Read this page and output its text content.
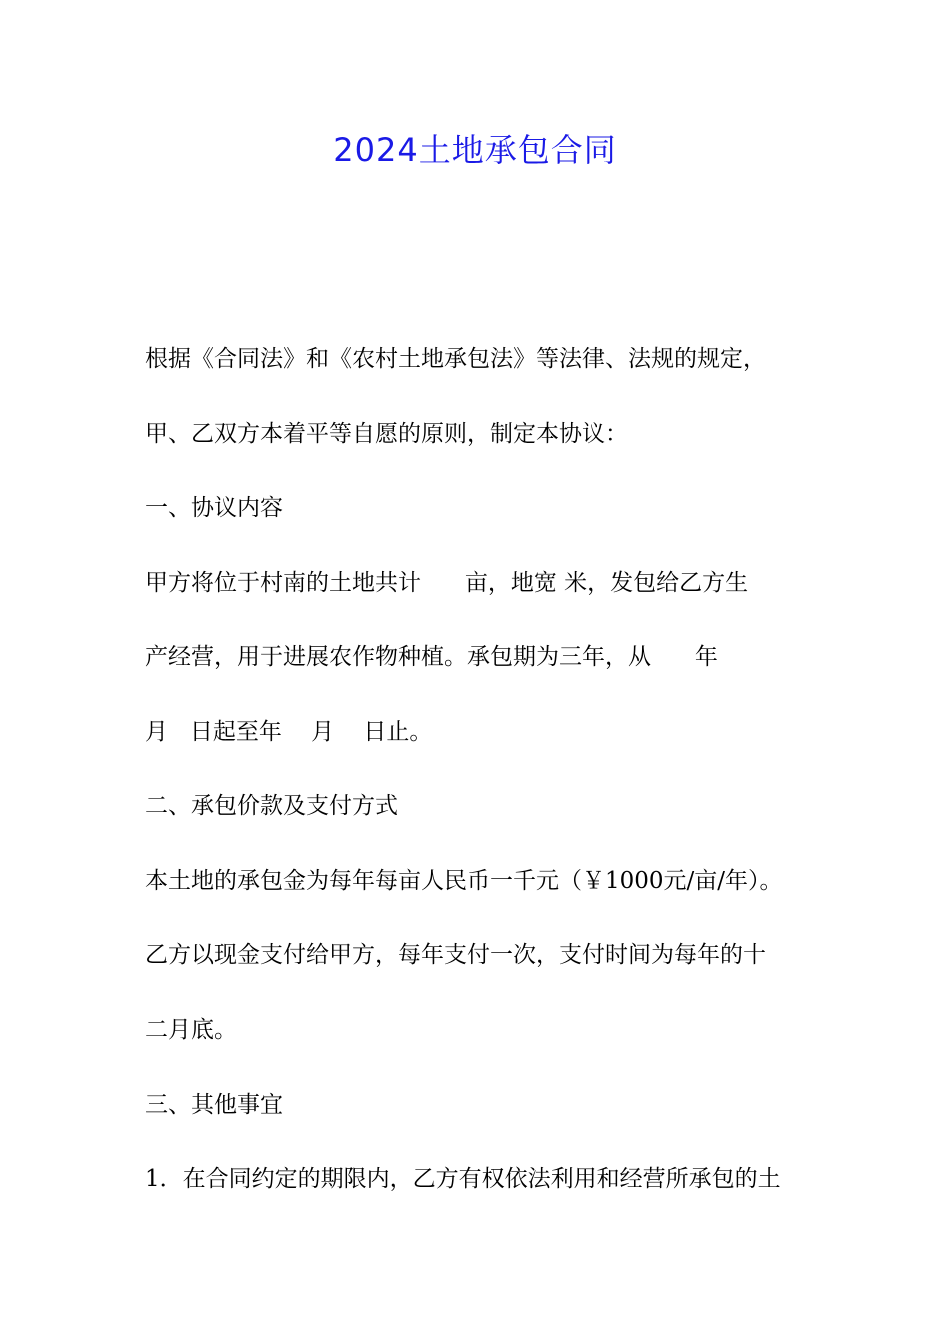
2024土地承包合同
根据《合同法》和《农村土地承包法》等法律、法规的规定，
甲、乙双方本着平等自愿的原则，制定本协议：
一、协议内容
甲方将位于村南的土地共计      亩，地宽 米，发包给乙方生
产经营，用于进展农作物种植。承包期为三年，从      年
月   日起至年    月    日止。
二、承包价款及支付方式
本土地的承包金为每年每亩人民币一千元（￥1000元/亩/年）。
乙方以现金支付给甲方，每年支付一次，支付时间为每年的十
二月底。
三、其他事宜
1．在合同约定的期限内，乙方有权依法利用和经营所承包的土
